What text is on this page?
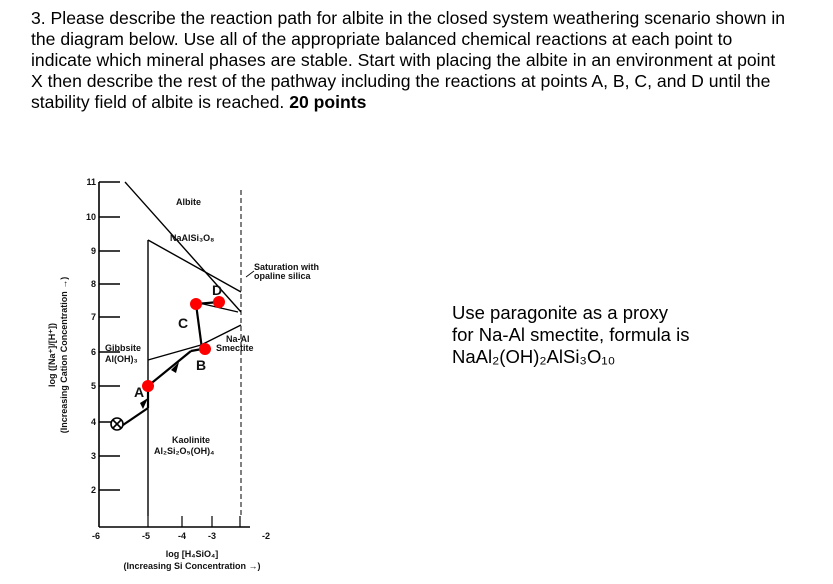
3. Please describe the reaction path for albite in the closed system weathering scenario shown in the diagram below. Use all of the appropriate balanced chemical reactions at each point to indicate which mineral phases are stable. Start with placing the albite in an environment at point X then describe the rest of the pathway including the reactions at points A, B, C, and D until the stability field of albite is reached. 20 points

11
10
9
8
7
6
5
4
3
2
-6	-5	-4 -3	-2
log [H₄SiO₄]
(Increasing Si Concentration →)
log ([Na⁺]/[H⁺]) (Increasing Cation Concentration →)	A
B
C
D
Albite
NaAlSi₃O₈
Saturation with
opaline silica
Na-Al
Smectite
Gibbsite
Al(OH)₃
Kaolinite
Al₂Si₂O₅(OH)₄
Use paragonite as a proxy
for Na-Al smectite, formula is
NaAl₂(OH)₂AlSi₃O₁₀
